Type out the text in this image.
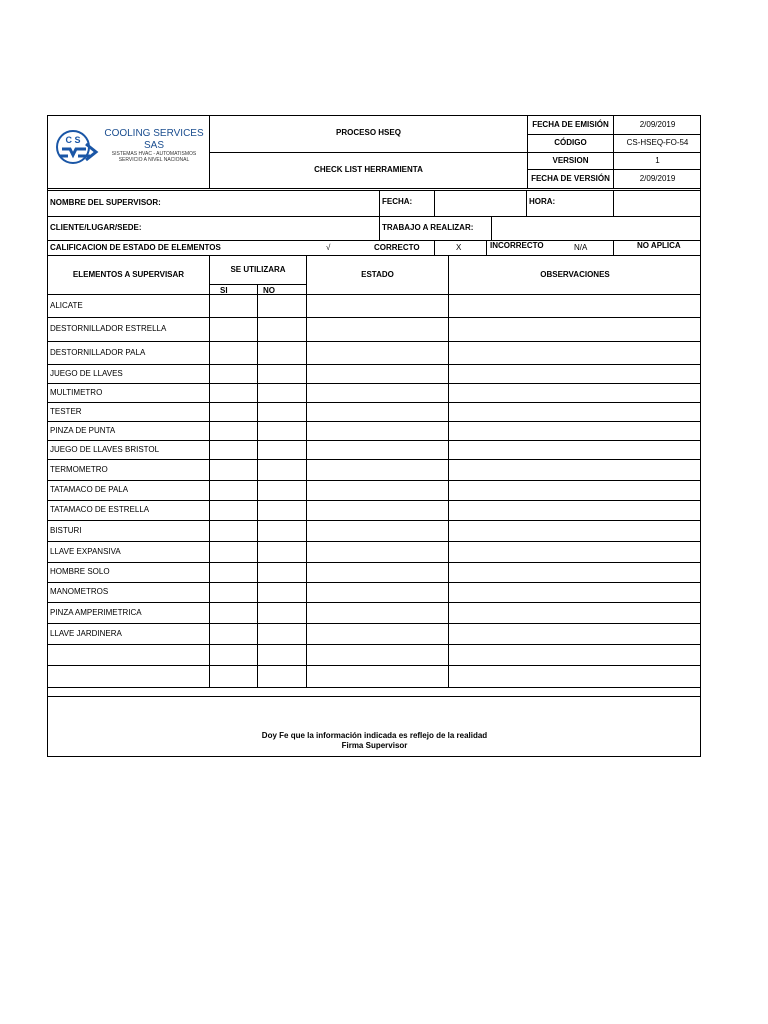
C S
COOLING SERVICES
SAS
SISTEMAS HVAC - AUTOMATISMOS
SERVICIO A NIVEL NACIONAL
PROCESO HSEQ
CHECK LIST HERRAMIENTA
FECHA DE EMISIÓN	2/09/2019
CÓDIGO	CS-HSEQ-FO-54
VERSION	1
FECHA DE VERSIÓN	2/09/2019
NOMBRE DEL SUPERVISOR:	FECHA:	HORA:
CLIENTE/LUGAR/SEDE:	TRABAJO A REALIZAR:
CALIFICACION DE ESTADO DE ELEMENTOS	√	CORRECTO	X	INCORRECTO	N/A	NO APLICA
ELEMENTOS A SUPERVISAR
SE UTILIZARA
SI	NO
ESTADO	OBSERVACIONES
ALICATE
DESTORNILLADOR ESTRELLA
DESTORNILLADOR PALA
JUEGO DE LLAVES
MULTIMETRO
TESTER
PINZA DE PUNTA
JUEGO DE LLAVES BRISTOL
TERMOMETRO
TATAMACO DE PALA
TATAMACO DE ESTRELLA
BISTURI
LLAVE EXPANSIVA
HOMBRE SOLO
MANOMETROS
PINZA AMPERIMETRICA
LLAVE JARDINERA
Doy Fe que la información indicada es reflejo de la realidad
Firma Supervisor
